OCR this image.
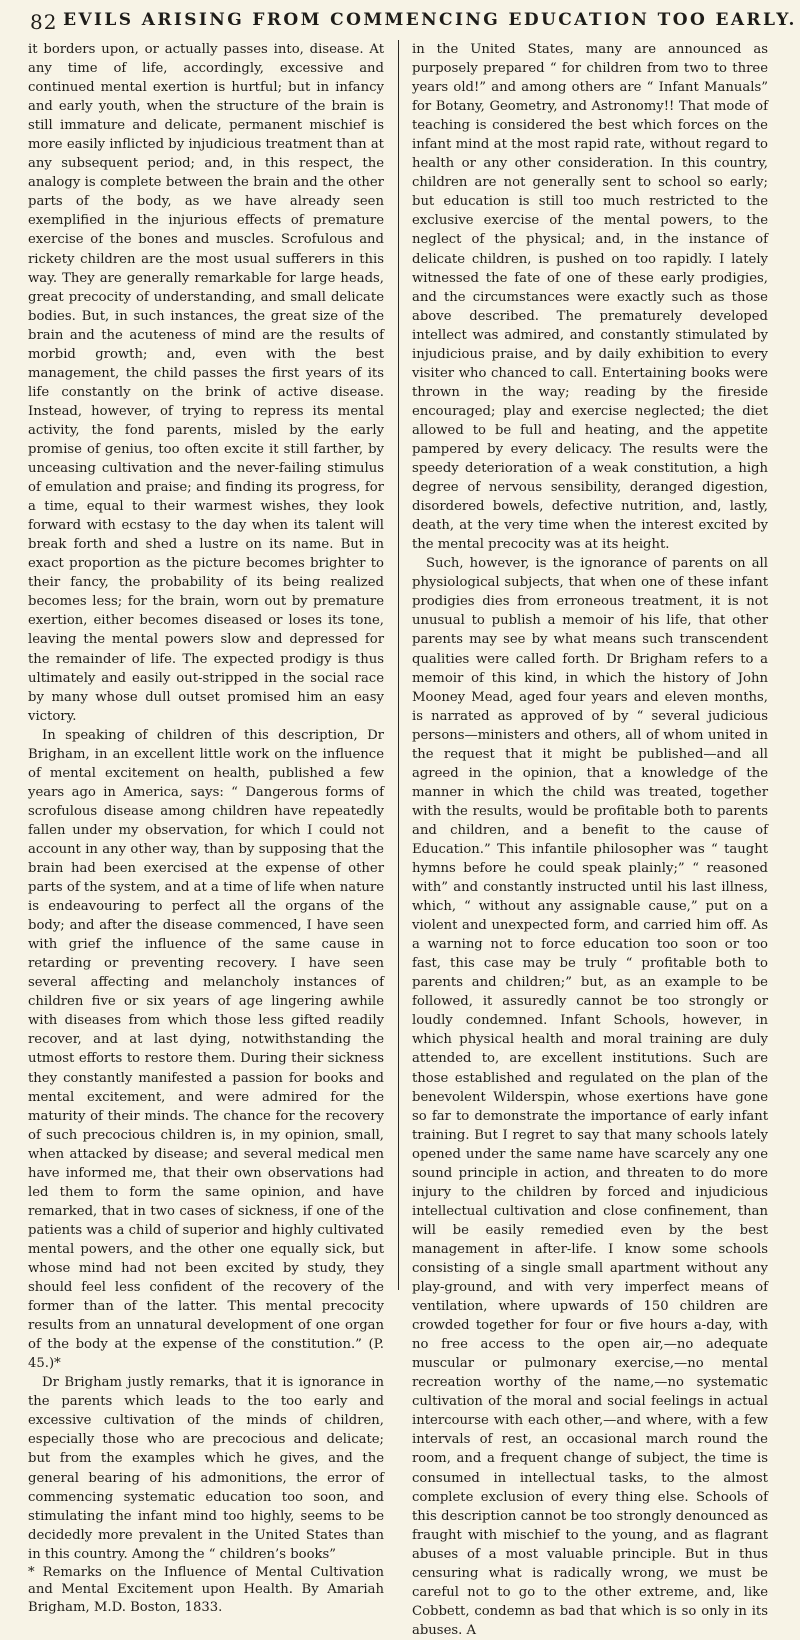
82 EVILS ARISING FROM COMMENCING EDUCATION TOO EARLY.

it borders upon, or actually passes into, disease. At any time of life, accordingly, excessive and continued mental exertion is hurtful; but in infancy and early youth, when the structure of the brain is still immature and delicate, permanent mischief is more easily inflicted by injudicious treatment than at any subsequent period; and, in this respect, the analogy is complete between the brain and the other parts of the body, as we have already seen exemplified in the injurious effects of premature exercise of the bones and muscles. Scrofulous and rickety children are the most usual sufferers in this way. They are generally remarkable for large heads, great precocity of understanding, and small delicate bodies. But, in such instances, the great size of the brain and the acuteness of mind are the results of morbid growth; and, even with the best management, the child passes the first years of its life constantly on the brink of active disease. Instead, however, of trying to repress its mental activity, the fond parents, misled by the early promise of genius, too often excite it still farther, by unceasing cultivation and the never-failing stimulus of emulation and praise; and finding its progress, for a time, equal to their warmest wishes, they look forward with ecstasy to the day when its talent will break forth and shed a lustre on its name. But in exact proportion as the picture becomes brighter to their fancy, the probability of its being realized becomes less; for the brain, worn out by premature exertion, either becomes diseased or loses its tone, leaving the mental powers slow and depressed for the remainder of life. The expected prodigy is thus ultimately and easily out-stripped in the social race by many whose dull outset promised him an easy victory.

In speaking of children of this description, Dr Brigham, in an excellent little work on the influence of mental excitement on health, published a few years ago in America, says: “ Dangerous forms of scrofulous disease among children have repeatedly fallen under my observation, for which I could not account in any other way, than by supposing that the brain had been exercised at the expense of other parts of the system, and at a time of life when nature is endeavouring to perfect all the organs of the body; and after the disease commenced, I have seen with grief the influence of the same cause in retarding or preventing recovery. I have seen several affecting and melancholy instances of children five or six years of age lingering awhile with diseases from which those less gifted readily recover, and at last dying, notwithstanding the utmost efforts to restore them. During their sickness they constantly manifested a passion for books and mental excitement, and were admired for the maturity of their minds. The chance for the recovery of such precocious children is, in my opinion, small, when attacked by disease; and several medical men have informed me, that their own observations had led them to form the same opinion, and have remarked, that in two cases of sickness, if one of the patients was a child of superior and highly cultivated mental powers, and the other one equally sick, but whose mind had not been excited by study, they should feel less confident of the recovery of the former than of the latter. This mental precocity results from an unnatural development of one organ of the body at the expense of the constitution.” (P. 45.)*

Dr Brigham justly remarks, that it is ignorance in the parents which leads to the too early and excessive cultivation of the minds of children, especially those who are precocious and delicate; but from the examples which he gives, and the general bearing of his admonitions, the error of commencing systematic education too soon, and stimulating the infant mind too highly, seems to be decidedly more prevalent in the United States than in this country. Among the “ children’s books”

* Remarks on the Influence of Mental Cultivation and Mental Excitement upon Health. By Amariah Brigham, M.D. Boston, 1833.

in the United States, many are announced as purposely prepared “ for children from two to three years old!” and among others are “ Infant Manuals” for Botany, Geometry, and Astronomy!! That mode of teaching is considered the best which forces on the infant mind at the most rapid rate, without regard to health or any other consideration. In this country, children are not generally sent to school so early; but education is still too much restricted to the exclusive exercise of the mental powers, to the neglect of the physical; and, in the instance of delicate children, is pushed on too rapidly. I lately witnessed the fate of one of these early prodigies, and the circumstances were exactly such as those above described. The prematurely developed intellect was admired, and constantly stimulated by injudicious praise, and by daily exhibition to every visiter who chanced to call. Entertaining books were thrown in the way; reading by the fireside encouraged; play and exercise neglected; the diet allowed to be full and heating, and the appetite pampered by every delicacy. The results were the speedy deterioration of a weak constitution, a high degree of nervous sensibility, deranged digestion, disordered bowels, defective nutrition, and, lastly, death, at the very time when the interest excited by the mental precocity was at its height.

Such, however, is the ignorance of parents on all physiological subjects, that when one of these infant prodigies dies from erroneous treatment, it is not unusual to publish a memoir of his life, that other parents may see by what means such transcendent qualities were called forth. Dr Brigham refers to a memoir of this kind, in which the history of John Mooney Mead, aged four years and eleven months, is narrated as approved of by “ several judicious persons—ministers and others, all of whom united in the request that it might be published—and all agreed in the opinion, that a knowledge of the manner in which the child was treated, together with the results, would be profitable both to parents and children, and a benefit to the cause of Education.” This infantile philosopher was “ taught hymns before he could speak plainly;” “ reasoned with” and constantly instructed until his last illness, which, “ without any assignable cause,” put on a violent and unexpected form, and carried him off. As a warning not to force education too soon or too fast, this case may be truly “ profitable both to parents and children;” but, as an example to be followed, it assuredly cannot be too strongly or loudly condemned. Infant Schools, however, in which physical health and moral training are duly attended to, are excellent institutions. Such are those established and regulated on the plan of the benevolent Wilderspin, whose exertions have gone so far to demonstrate the importance of early infant training. But I regret to say that many schools lately opened under the same name have scarcely any one sound principle in action, and threaten to do more injury to the children by forced and injudicious intellectual cultivation and close confinement, than will be easily remedied even by the best management in after-life. I know some schools consisting of a single small apartment without any play-ground, and with very imperfect means of ventilation, where upwards of 150 children are crowded together for four or five hours a-day, with no free access to the open air,—no adequate muscular or pulmonary exercise,—no mental recreation worthy of the name,—no systematic cultivation of the moral and social feelings in actual intercourse with each other,—and where, with a few intervals of rest, an occasional march round the room, and a frequent change of subject, the time is consumed in intellectual tasks, to the almost complete exclusion of every thing else. Schools of this description cannot be too strongly denounced as fraught with mischief to the young, and as flagrant abuses of a most valuable principle. But in thus censuring what is radically wrong, we must be careful not to go to the other extreme, and, like Cobbett, condemn as bad that which is so only in its abuses. A
